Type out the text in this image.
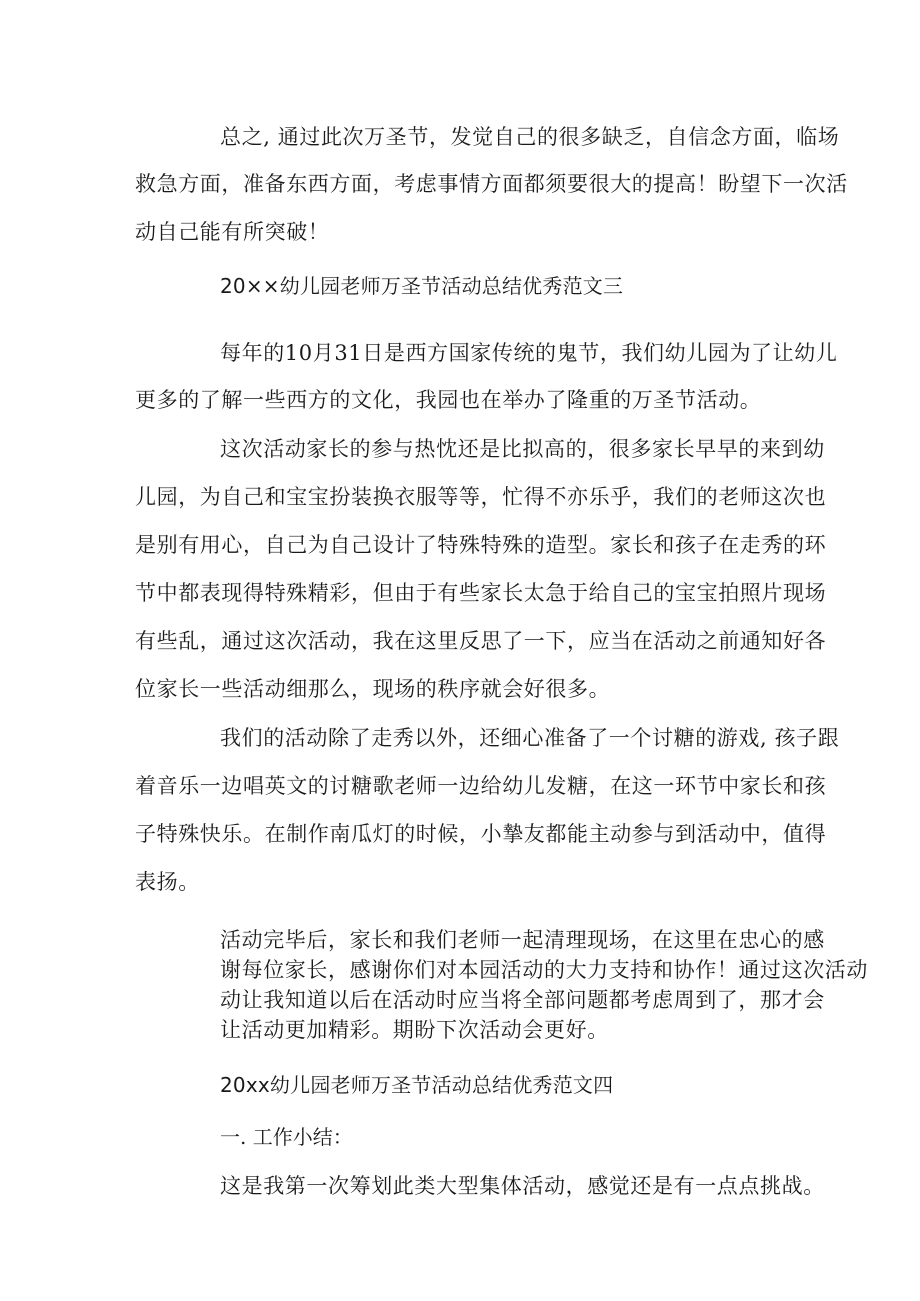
总之, 通过此次万圣节，发觉自己的很多缺乏，自信念方面，临场
救急方面，准备东西方面，考虑事情方面都须要很大的提高！盼望下一次活
动自己能有所突破！
20××幼儿园老师万圣节活动总结优秀范文三
每年的10月31日是西方国家传统的鬼节，我们幼儿园为了让幼儿
更多的了解一些西方的文化，我园也在举办了隆重的万圣节活动。
这次活动家长的参与热忱还是比拟高的，很多家长早早的来到幼
儿园，为自己和宝宝扮装换衣服等等，忙得不亦乐乎，我们的老师这次也
是别有用心，自己为自己设计了特殊特殊的造型。家长和孩子在走秀的环
节中都表现得特殊精彩，但由于有些家长太急于给自己的宝宝拍照片现场
有些乱，通过这次活动，我在这里反思了一下，应当在活动之前通知好各
位家长一些活动细那么，现场的秩序就会好很多。
我们的活动除了走秀以外，还细心准备了一个讨糖的游戏, 孩子跟
着音乐一边唱英文的讨糖歌老师一边给幼儿发糖，在这一环节中家长和孩
子特殊快乐。在制作南瓜灯的时候，小摯友都能主动参与到活动中，值得
表扬。
活动完毕后，家长和我们老师一起清理现场，在这里在忠心的感
谢每位家长，感谢你们对本园活动的大力支持和协作！通过这次活动
动让我知道以后在活动时应当将全部问题都考虑周到了，那才会
让活动更加精彩。期盼下次活动会更好。
20xx幼儿园老师万圣节活动总结优秀范文四
一. 工作小结：
这是我第一次筹划此类大型集体活动，感觉还是有一点点挑战。
